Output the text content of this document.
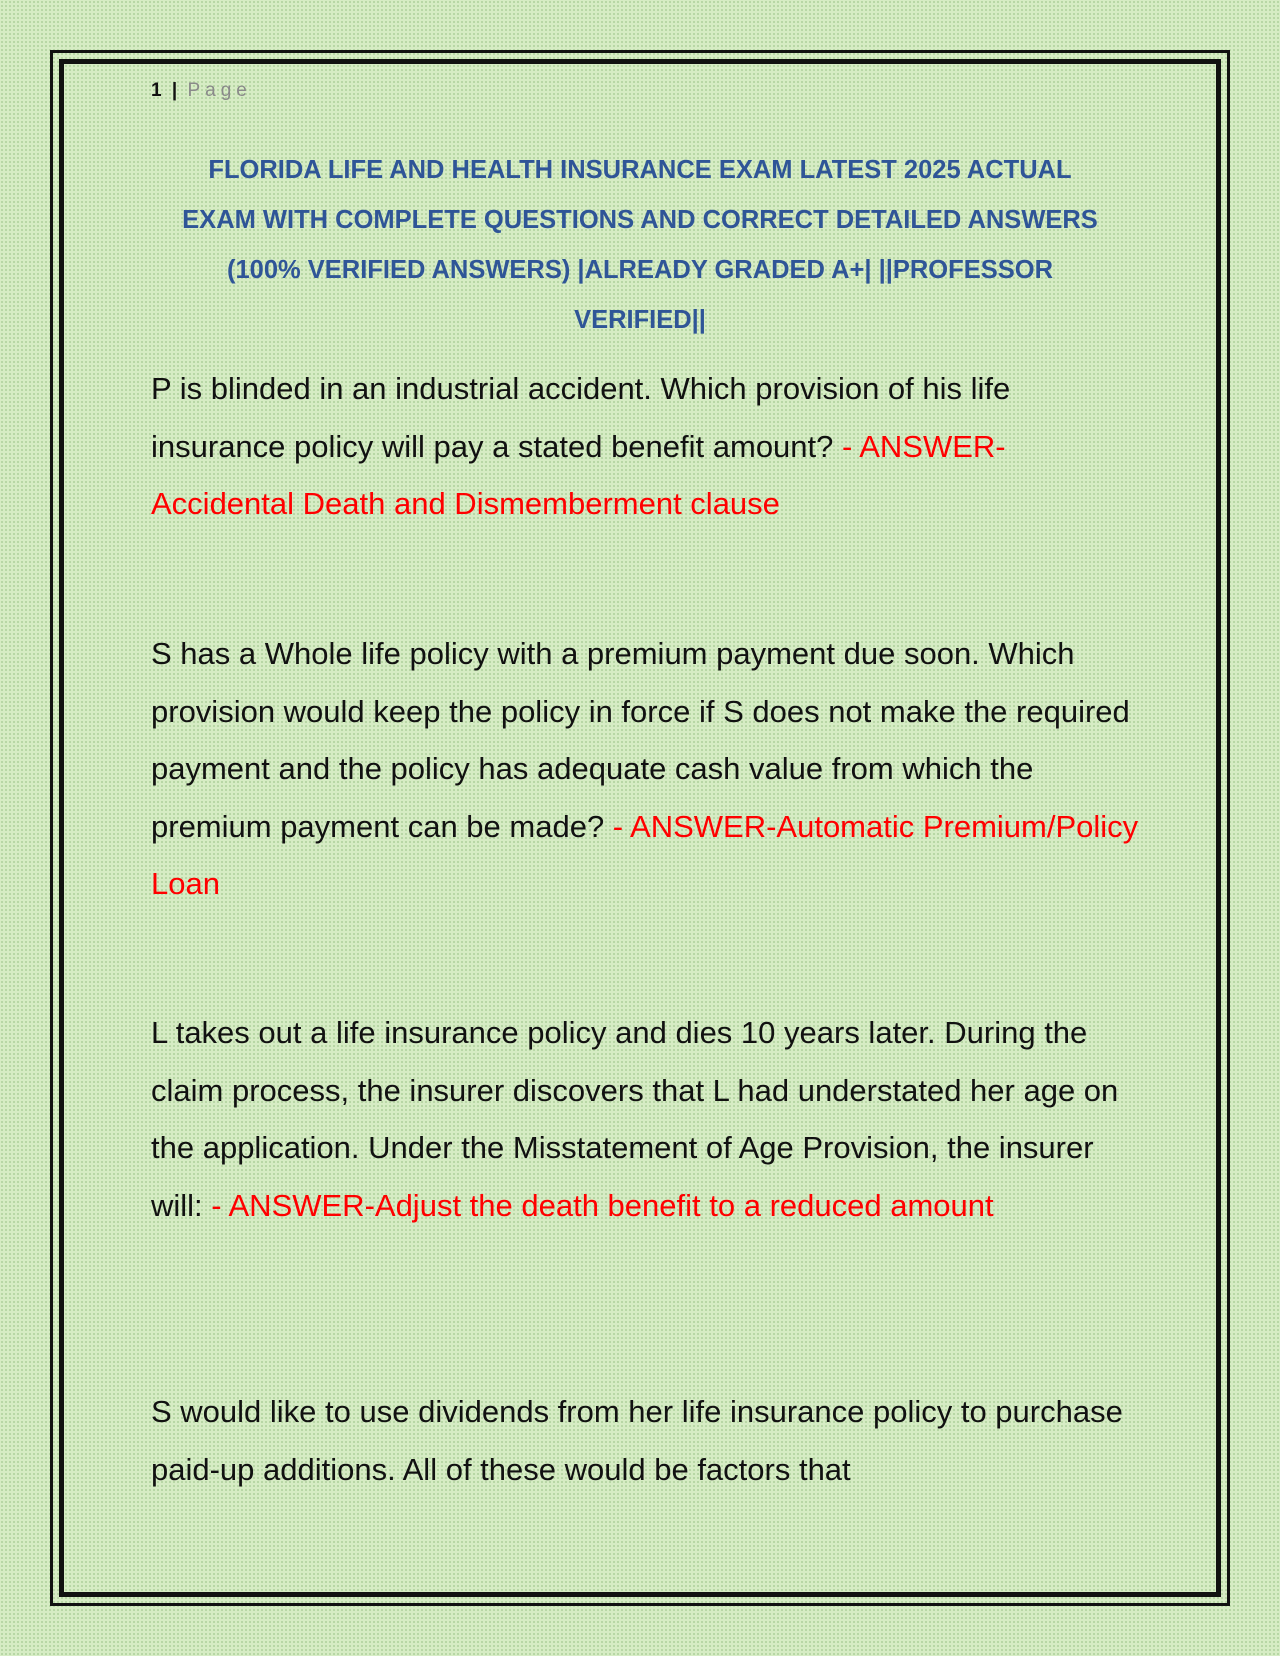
1 | Page
FLORIDA LIFE AND HEALTH INSURANCE EXAM LATEST 2025 ACTUAL EXAM WITH COMPLETE QUESTIONS AND CORRECT DETAILED ANSWERS (100% VERIFIED ANSWERS) |ALREADY GRADED A+| ||PROFESSOR VERIFIED||
P is blinded in an industrial accident. Which provision of his life insurance policy will pay a stated benefit amount? - ANSWER-Accidental Death and Dismemberment clause
S has a Whole life policy with a premium payment due soon. Which provision would keep the policy in force if S does not make the required payment and the policy has adequate cash value from which the premium payment can be made? - ANSWER-Automatic Premium/Policy Loan
L takes out a life insurance policy and dies 10 years later. During the claim process, the insurer discovers that L had understated her age on the application. Under the Misstatement of Age Provision, the insurer will: - ANSWER-Adjust the death benefit to a reduced amount
S would like to use dividends from her life insurance policy to purchase paid-up additions. All of these would be factors that
